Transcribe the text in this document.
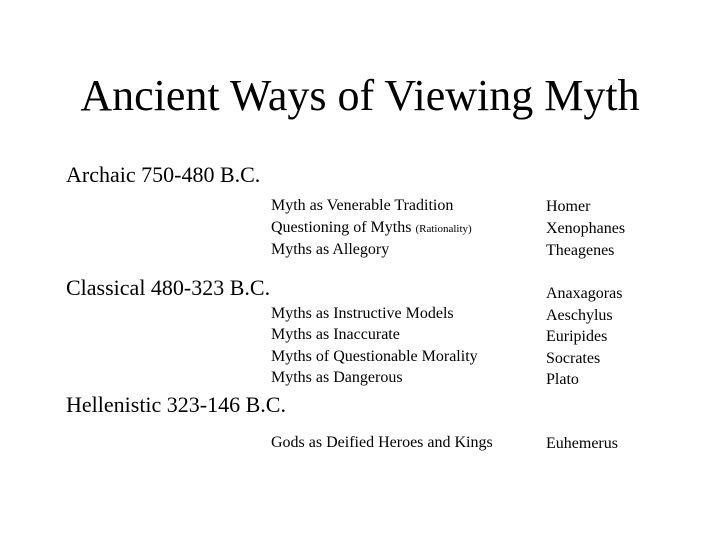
Ancient Ways of Viewing Myth
Archaic 750-480 B.C.
Myth as Venerable Tradition
Questioning of Myths (Rationality)
Myths as Allegory
Homer
Xenophanes
Theagenes
Classical 480-323 B.C.
Myths as Instructive Models
Myths as Inaccurate
Myths of Questionable Morality
Myths as Dangerous
Anaxagoras
Aeschylus
Euripides
Socrates
Plato
Hellenistic 323-146 B.C.
Gods as Deified Heroes and Kings	Euhemerus
